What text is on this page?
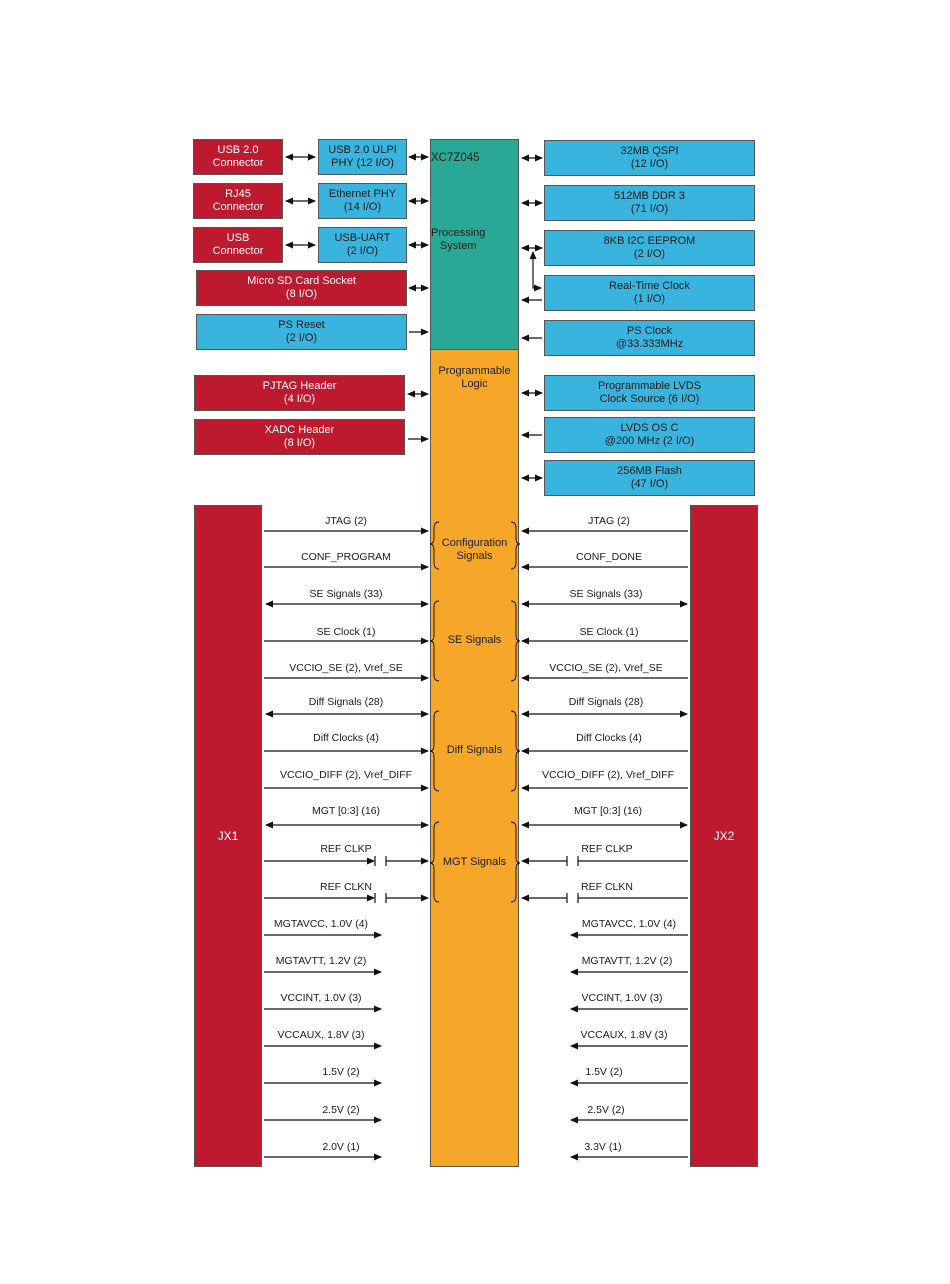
XC7Z045
Processing
System
Programmable
Logic
USB 2.0
Connector
USB 2.0 ULPI
PHY (12 I/O)
RJ45
Connector
Ethernet PHY
(14 I/O)
USB
Connector
USB-UART
(2 I/O)
Micro SD Card Socket
(8 I/O)
PS Reset
(2 I/O)
PJTAG Header
(4 I/O)
XADC Header
(8 I/O)
32MB QSPI
(12 I/O)
512MB DDR 3
(71 I/O)
8KB I2C EEPROM
(2 I/O)
Real-Time Clock
(1 I/O)
PS Clock
@33.333MHz
Programmable LVDS
Clock Source (6 I/O)
LVDS OS C
@200 MHz (2 I/O)
256MB Flash
(47 I/O)
JX1	JX2
Configuration
Signals
SE Signals
Diff Signals
MGT Signals
JTAG (2)
CONF_PROGRAM
SE Signals (33)
SE Clock (1)
VCCIO_SE (2), Vref_SE
Diff Signals (28)
Diff Clocks (4)
VCCIO_DIFF (2), Vref_DIFF
MGT [0:3] (16)
REF CLKP
REF CLKN
MGTAVCC, 1.0V (4)
MGTAVTT, 1.2V (2)
VCCINT, 1.0V (3)
VCCAUX, 1.8V (3)
1.5V (2)
2.5V (2)
2.0V (1)
JTAG (2)
CONF_DONE
SE Signals (33)
SE Clock (1)
VCCIO_SE (2), Vref_SE
Diff Signals (28)
Diff Clocks (4)
VCCIO_DIFF (2), Vref_DIFF
MGT [0:3] (16)
REF CLKP
REF CLKN
MGTAVCC, 1.0V (4)
MGTAVTT, 1.2V (2)
VCCINT, 1.0V (3)
VCCAUX, 1.8V (3)
1.5V (2)
2.5V (2)
3.3V (1)
